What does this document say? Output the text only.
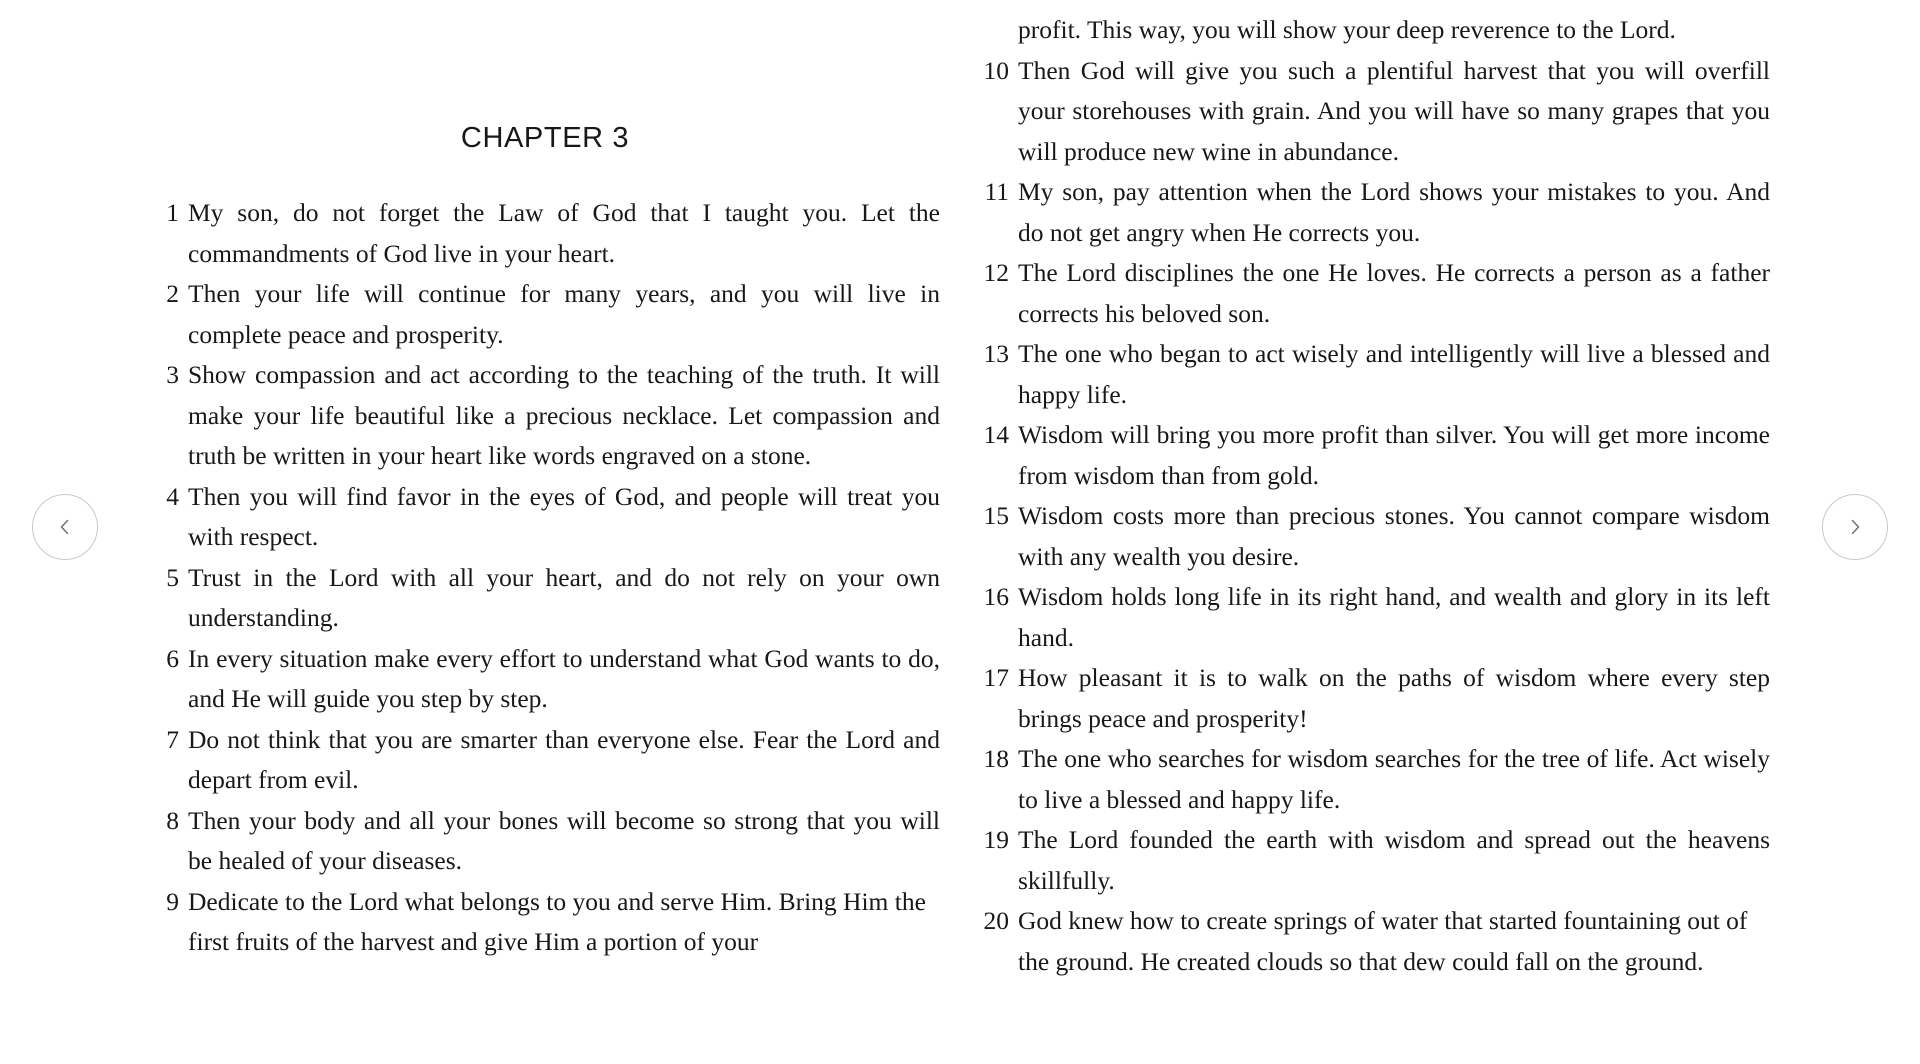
CHAPTER 3
1 My son, do not forget the Law of God that I taught you. Let the commandments of God live in your heart.
2 Then your life will continue for many years, and you will live in complete peace and prosperity.
3 Show compassion and act according to the teaching of the truth. It will make your life beautiful like a precious necklace. Let compassion and truth be written in your heart like words engraved on a stone.
4 Then you will find favor in the eyes of God, and people will treat you with respect.
5 Trust in the Lord with all your heart, and do not rely on your own understanding.
6 In every situation make every effort to understand what God wants to do, and He will guide you step by step.
7 Do not think that you are smarter than everyone else. Fear the Lord and depart from evil.
8 Then your body and all your bones will become so strong that you will be healed of your diseases.
9 Dedicate to the Lord what belongs to you and serve Him. Bring Him the first fruits of the harvest and give Him a portion of your
profit. This way, you will show your deep reverence to the Lord.
10 Then God will give you such a plentiful harvest that you will overfill your storehouses with grain. And you will have so many grapes that you will produce new wine in abundance.
11 My son, pay attention when the Lord shows your mistakes to you. And do not get angry when He corrects you.
12 The Lord disciplines the one He loves. He corrects a person as a father corrects his beloved son.
13 The one who began to act wisely and intelligently will live a blessed and happy life.
14 Wisdom will bring you more profit than silver. You will get more income from wisdom than from gold.
15 Wisdom costs more than precious stones. You cannot compare wisdom with any wealth you desire.
16 Wisdom holds long life in its right hand, and wealth and glory in its left hand.
17 How pleasant it is to walk on the paths of wisdom where every step brings peace and prosperity!
18 The one who searches for wisdom searches for the tree of life. Act wisely to live a blessed and happy life.
19 The Lord founded the earth with wisdom and spread out the heavens skillfully.
20 God knew how to create springs of water that started fountaining out of the ground. He created clouds so that dew could fall on the ground.
